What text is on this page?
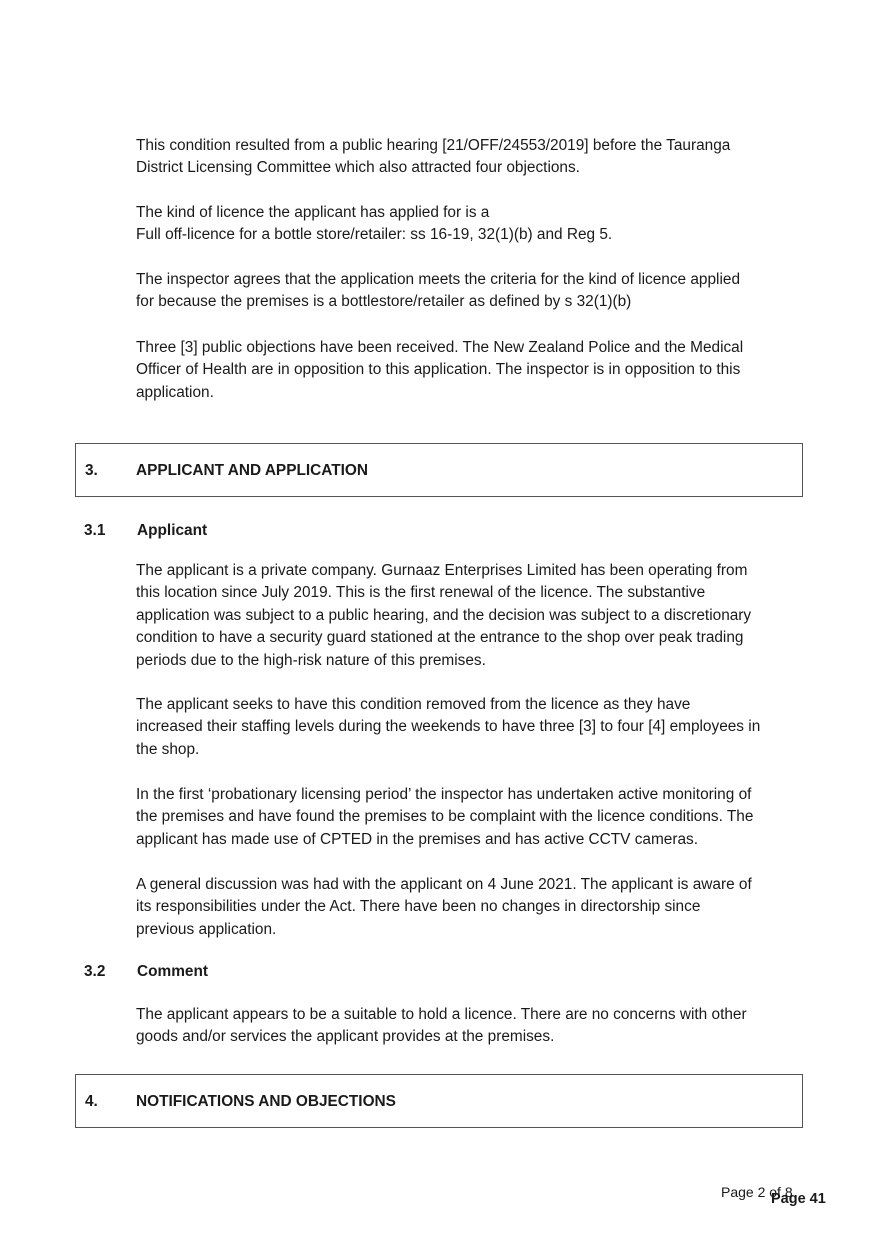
This condition resulted from a public hearing [21/OFF/24553/2019] before the Tauranga
District Licensing Committee which also attracted four objections.
The kind of licence the applicant has applied for is a
Full off-licence for a bottle store/retailer: ss 16-19, 32(1)(b) and Reg 5.
The inspector agrees that the application meets the criteria for the kind of licence applied
for because the premises is a bottlestore/retailer as defined by s 32(1)(b)
Three [3] public objections have been received. The New Zealand Police and the Medical
Officer of Health are in opposition to this application. The inspector is in opposition to this
application.
3. APPLICANT AND APPLICATION
3.1 Applicant
The applicant is a private company. Gurnaaz Enterprises Limited has been operating from
this location since July 2019. This is the first renewal of the licence. The substantive
application was subject to a public hearing, and the decision was subject to a discretionary
condition to have a security guard stationed at the entrance to the shop over peak trading
periods due to the high-risk nature of this premises.
The applicant seeks to have this condition removed from the licence as they have
increased their staffing levels during the weekends to have three [3] to four [4] employees in
the shop.
In the first ‘probationary licensing period’ the inspector has undertaken active monitoring of
the premises and have found the premises to be complaint with the licence conditions. The
applicant has made use of CPTED in the premises and has active CCTV cameras.
A general discussion was had with the applicant on 4 June 2021. The applicant is aware of
its responsibilities under the Act. There have been no changes in directorship since
previous application.
3.2 Comment
The applicant appears to be a suitable to hold a licence. There are no concerns with other
goods and/or services the applicant provides at the premises.
4. NOTIFICATIONS AND OBJECTIONS
Page 2 of 8
Page 41
